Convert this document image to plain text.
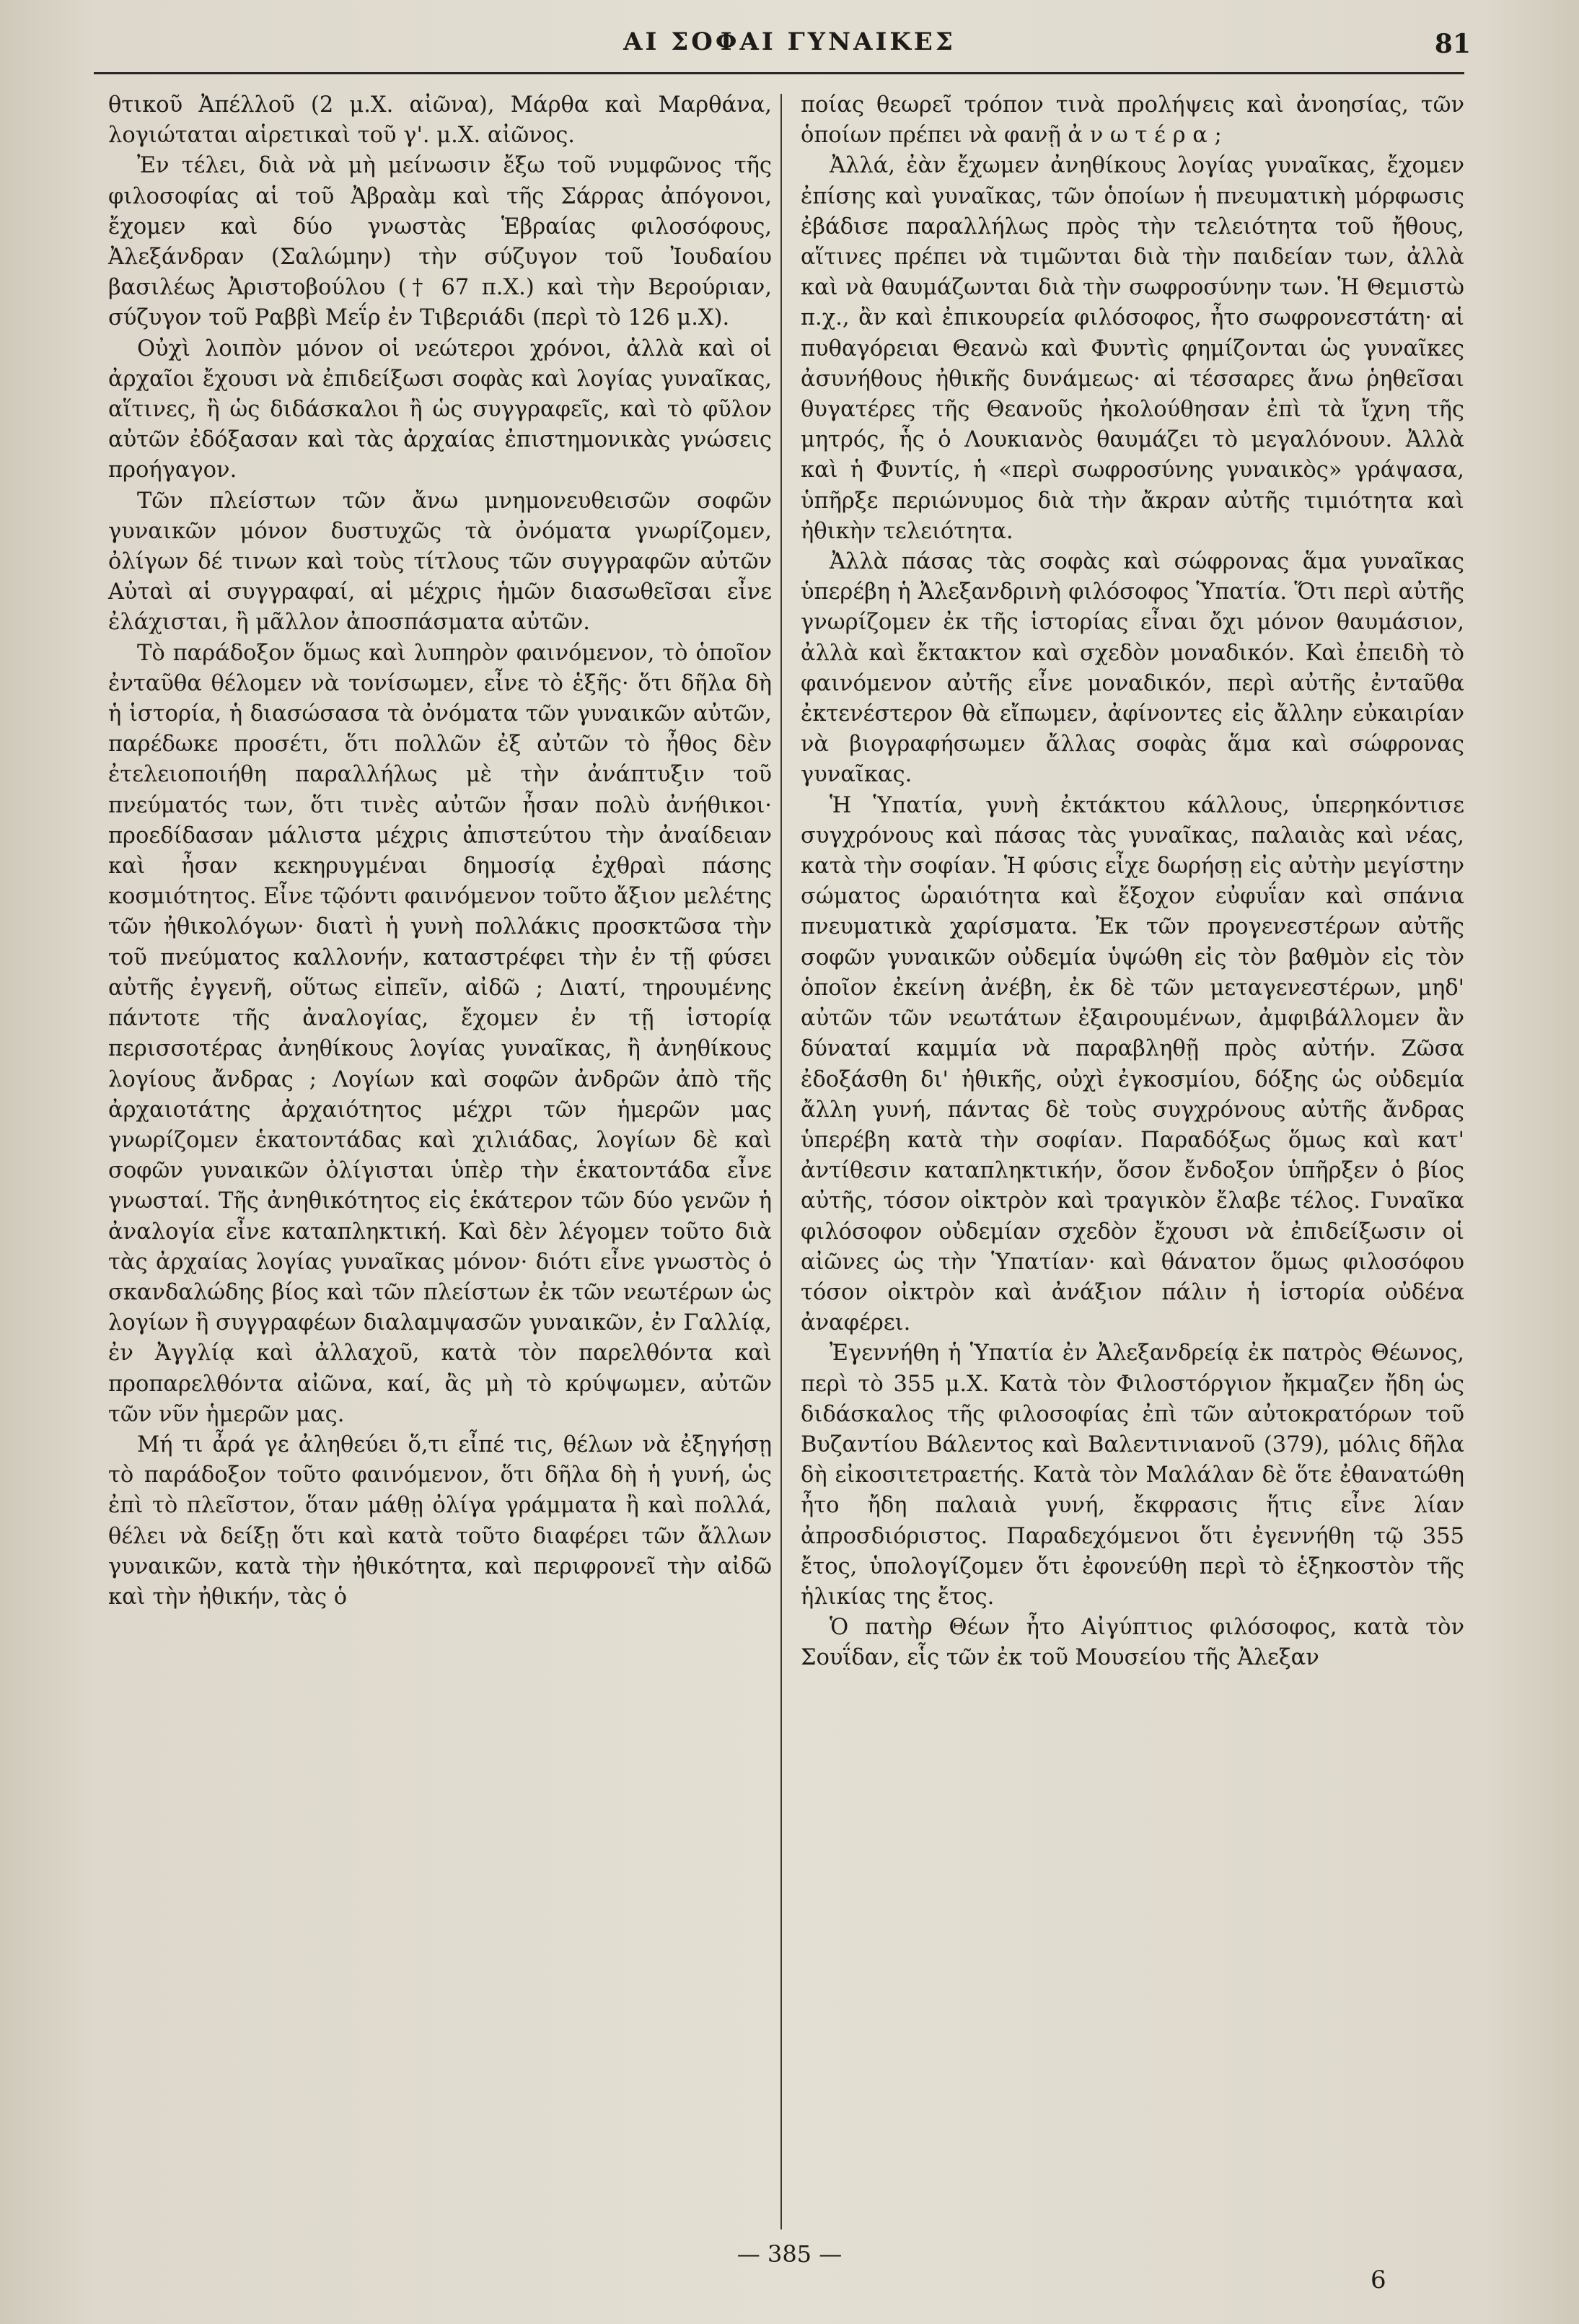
ΑΙ ΣΟΦΑΙ ΓΥΝΑΙΚΕΣ	81

θτικοῦ Ἀπέλλοῦ (2 μ.Χ. αἰῶνα), Μάρθα καὶ Μαρθάνα, λογιώταται αἱρετικαὶ τοῦ γ'. μ.Χ. αἰῶνος.

Ἐν τέλει, διὰ νὰ μὴ μείνωσιν ἔξω τοῦ νυμφῶνος τῆς φιλοσοφίας αἱ τοῦ Ἀβραὰμ καὶ τῆς Σάρρας ἀπόγονοι, ἔχομεν καὶ δύο γνωστὰς Ἑβραίας φιλοσόφους, Ἀλεξάνδραν (Σαλώμην) τὴν σύζυγον τοῦ Ἰουδαίου βασιλέως Ἀριστοβούλου († 67 π.Χ.) καὶ τὴν Βερούριαν, σύζυγον τοῦ Ραββὶ Μεΐρ ἐν Τιβεριάδι (περὶ τὸ 126 μ.Χ).

Οὐχὶ λοιπὸν μόνον οἱ νεώτεροι χρόνοι, ἀλλὰ καὶ οἱ ἀρχαῖοι ἔχουσι νὰ ἐπιδείξωσι σοφὰς καὶ λογίας γυναῖκας, αἵτινες, ἢ ὡς διδάσκαλοι ἢ ὡς συγγραφεῖς, καὶ τὸ φῦλον αὐτῶν ἐδόξασαν καὶ τὰς ἀρχαίας ἐπιστημονικὰς γνώσεις προήγαγον.

Τῶν πλείστων τῶν ἄνω μνημονευθεισῶν σοφῶν γυναικῶν μόνον δυστυχῶς τὰ ὀνόματα γνωρίζομεν, ὀλίγων δέ τινων καὶ τοὺς τίτλους τῶν συγγραφῶν αὐτῶν Αὐταὶ αἱ συγγραφαί, αἱ μέχρις ἡμῶν διασωθεῖσαι εἶνε ἐλάχισται, ἢ μᾶλλον ἀποσπάσματα αὐτῶν.

Τὸ παράδοξον ὅμως καὶ λυπηρὸν φαινόμενον, τὸ ὁποῖον ἐνταῦθα θέλομεν νὰ τονίσωμεν, εἶνε τὸ ἑξῆς· ὅτι δῆλα δὴ ἡ ἱστορία, ἡ διασώσασα τὰ ὀνόματα τῶν γυναικῶν αὐτῶν, παρέδωκε προσέτι, ὅτι πολλῶν ἐξ αὐτῶν τὸ ἦθος δὲν ἐτελειοποιήθη παραλλήλως μὲ τὴν ἀνάπτυξιν τοῦ πνεύματός των, ὅτι τινὲς αὐτῶν ἦσαν πολὺ ἀνήθικοι· προεδίδασαν μάλιστα μέχρις ἀπιστεύτου τὴν ἀναίδειαν καὶ ἦσαν κεκηρυγμέναι δημοσίᾳ ἐχθραὶ πάσης κοσμιότητος. Εἶνε τῷόντι φαινόμενον τοῦτο ἄξιον μελέτης τῶν ἠθικολόγων· διατὶ ἡ γυνὴ πολλάκις προσκτῶσα τὴν τοῦ πνεύματος καλλονήν, καταστρέφει τὴν ἐν τῇ φύσει αὐτῆς ἐγγενῆ, οὕτως εἰπεῖν, αἰδῶ ; Διατί, τηρουμένης πάντοτε τῆς ἀναλογίας, ἔχομεν ἐν τῇ ἱστορίᾳ περισσοτέρας ἀνηθίκους λογίας γυναῖκας, ἢ ἀνηθίκους λογίους ἄνδρας ; Λογίων καὶ σοφῶν ἀνδρῶν ἀπὸ τῆς ἀρχαιοτάτης ἀρχαιότητος μέχρι τῶν ἡμερῶν μας γνωρίζομεν ἑκατοντάδας καὶ χιλιάδας, λογίων δὲ καὶ σοφῶν γυναικῶν ὀλίγισται ὑπὲρ τὴν ἑκατοντάδα εἶνε γνωσταί. Τῆς ἀνηθικότητος εἰς ἑκάτερον τῶν δύο γενῶν ἡ ἀναλογία εἶνε καταπληκτική. Καὶ δὲν λέγομεν τοῦτο διὰ τὰς ἀρχαίας λογίας γυναῖκας μόνον· διότι εἶνε γνωστὸς ὁ σκανδαλώδης βίος καὶ τῶν πλείστων ἐκ τῶν νεωτέρων ὡς λογίων ἢ συγγραφέων διαλαμψασῶν γυναικῶν, ἐν Γαλλίᾳ, ἐν Ἀγγλίᾳ καὶ ἀλλαχοῦ, κατὰ τὸν παρελθόντα καὶ προπαρελθόντα αἰῶνα, καί, ἂς μὴ τὸ κρύψωμεν, αὐτῶν τῶν νῦν ἡμερῶν μας.

Μή τι ἆρά γε ἀληθεύει ὅ,τι εἶπέ τις, θέλων νὰ ἐξηγήσῃ τὸ παράδοξον τοῦτο φαινόμενον, ὅτι δῆλα δὴ ἡ γυνή, ὡς ἐπὶ τὸ πλεῖστον, ὅταν μάθῃ ὀλίγα γράμματα ἢ καὶ πολλά, θέλει νὰ δείξῃ ὅτι καὶ κατὰ τοῦτο διαφέρει τῶν ἄλλων γυναικῶν, κατὰ τὴν ἠθικότητα, καὶ περιφρονεῖ τὴν αἰδῶ καὶ τὴν ἠθικήν, τὰς ὁ

ποίας θεωρεῖ τρόπον τινὰ προλήψεις καὶ ἀνοησίας, τῶν ὁποίων πρέπει νὰ φανῇ ἀ ν ω τ έ ρ α ;

Ἀλλά, ἐὰν ἔχωμεν ἀνηθίκους λογίας γυναῖκας, ἔχομεν ἐπίσης καὶ γυναῖκας, τῶν ὁποίων ἡ πνευματικὴ μόρφωσις ἐβάδισε παραλλήλως πρὸς τὴν τελειότητα τοῦ ἤθους, αἵτινες πρέπει νὰ τιμῶνται διὰ τὴν παιδείαν των, ἀλλὰ καὶ νὰ θαυμάζωνται διὰ τὴν σωφροσύνην των. Ἡ Θεμιστὼ π.χ., ἂν καὶ ἐπικουρεία φιλόσοφος, ἦτο σωφρονεστάτη· αἱ πυθαγόρειαι Θεανὼ καὶ Φυντὶς φημίζονται ὡς γυναῖκες ἀσυνήθους ἠθικῆς δυνάμεως· αἱ τέσσαρες ἄνω ῥηθεῖσαι θυγατέρες τῆς Θεανοῦς ἠκολούθησαν ἐπὶ τὰ ἴχνη τῆς μητρός, ἧς ὁ Λουκιανὸς θαυμάζει τὸ μεγαλόνουν. Ἀλλὰ καὶ ἡ Φυντίς, ἡ «περὶ σωφροσύνης γυναικὸς» γράψασα, ὑπῆρξε περιώνυμος διὰ τὴν ἄκραν αὐτῆς τιμιότητα καὶ ἠθικὴν τελειότητα.

Ἀλλὰ πάσας τὰς σοφὰς καὶ σώφρονας ἅμα γυναῖκας ὑπερέβη ἡ Ἀλεξανδρινὴ φιλόσοφος Ὑπατία. Ὅτι περὶ αὐτῆς γνωρίζομεν ἐκ τῆς ἱστορίας εἶναι ὄχι μόνον θαυμάσιον, ἀλλὰ καὶ ἔκτακτον καὶ σχεδὸν μοναδικόν. Καὶ ἐπειδὴ τὸ φαινόμενον αὐτῆς εἶνε μοναδικόν, περὶ αὐτῆς ἐνταῦθα ἐκτενέστερον θὰ εἴπωμεν, ἀφίνοντες εἰς ἄλλην εὐκαιρίαν νὰ βιογραφήσωμεν ἄλλας σοφὰς ἅμα καὶ σώφρονας γυναῖκας.

Ἡ Ὑπατία, γυνὴ ἐκτάκτου κάλλους, ὑπερηκόντισε συγχρόνους καὶ πάσας τὰς γυναῖκας, παλαιὰς καὶ νέας, κατὰ τὴν σοφίαν. Ἡ φύσις εἶχε δωρήσῃ εἰς αὐτὴν μεγίστην σώματος ὡραιότητα καὶ ἔξοχον εὐφυΐαν καὶ σπάνια πνευματικὰ χαρίσματα. Ἐκ τῶν προγενεστέρων αὐτῆς σοφῶν γυναικῶν οὐδεμία ὑψώθη εἰς τὸν βαθμὸν εἰς τὸν ὁποῖον ἐκείνη ἀνέβη, ἐκ δὲ τῶν μεταγενεστέρων, μηδ' αὐτῶν τῶν νεωτάτων ἐξαιρουμένων, ἀμφιβάλλομεν ἂν δύναταί καμμία νὰ παραβληθῇ πρὸς αὐτήν. Ζῶσα ἐδοξάσθη δι' ἠθικῆς, οὐχὶ ἐγκοσμίου, δόξης ὡς οὐδεμία ἄλλη γυνή, πάντας δὲ τοὺς συγχρόνους αὐτῆς ἄνδρας ὑπερέβη κατὰ τὴν σοφίαν. Παραδόξως ὅμως καὶ κατ' ἀντίθεσιν καταπληκτικήν, ὅσον ἔνδοξον ὑπῆρξεν ὁ βίος αὐτῆς, τόσον οἰκτρὸν καὶ τραγικὸν ἔλαβε τέλος. Γυναῖκα φιλόσοφον οὐδεμίαν σχεδὸν ἔχουσι νὰ ἐπιδείξωσιν οἱ αἰῶνες ὡς τὴν Ὑπατίαν· καὶ θάνατον ὅμως φιλοσόφου τόσον οἰκτρὸν καὶ ἀνάξιον πάλιν ἡ ἱστορία οὐδένα ἀναφέρει.

Ἐγεννήθη ἡ Ὑπατία ἐν Ἀλεξανδρείᾳ ἐκ πατρὸς Θέωνος, περὶ τὸ 355 μ.Χ. Κατὰ τὸν Φιλοστόργιον ἤκμαζεν ἤδη ὡς διδάσκαλος τῆς φιλοσοφίας ἐπὶ τῶν αὐτοκρατόρων τοῦ Βυζαντίου Βάλεντος καὶ Βαλεντινιανοῦ (379), μόλις δῆλα δὴ εἰκοσιτετραετής. Κατὰ τὸν Μαλάλαν δὲ ὅτε ἐθανατώθη ἦτο ἤδη παλαιὰ γυνή, ἔκφρασις ἥτις εἶνε λίαν ἀπροσδιόριστος. Παραδεχόμενοι ὅτι ἐγεννήθη τῷ 355 ἔτος, ὑπολογίζομεν ὅτι ἐφονεύθη περὶ τὸ ἑξηκοστὸν τῆς ἡλικίας της ἔτος.

Ὁ πατὴρ Θέων ἦτο Αἰγύπτιος φιλόσοφος, κατὰ τὸν Σουΐδαν, εἷς τῶν ἐκ τοῦ Μουσείου τῆς Ἀλεξαν

— 385 —
6
